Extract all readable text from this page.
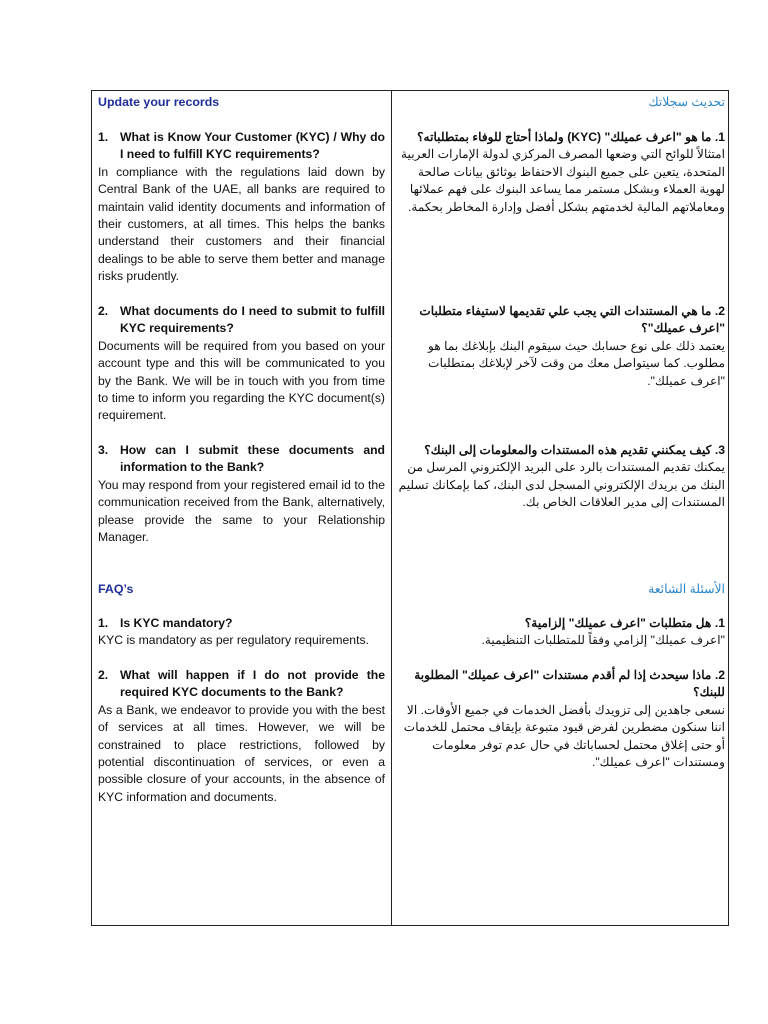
Update your records
1. What is Know Your Customer (KYC) / Why do I need to fulfill KYC requirements?
In compliance with the regulations laid down by Central Bank of the UAE, all banks are required to maintain valid identity documents and information of their customers, at all times. This helps the banks understand their customers and their financial dealings to be able to serve them better and manage risks prudently.
2. What documents do I need to submit to fulfill KYC requirements?
Documents will be required from you based on your account type and this will be communicated to you by the Bank. We will be in touch with you from time to time to inform you regarding the KYC document(s) requirement.
3. How can I submit these documents and information to the Bank?
You may respond from your registered email id to the communication received from the Bank, alternatively, please provide the same to your Relationship Manager.
FAQ’s
1. Is KYC mandatory?
KYC is mandatory as per regulatory requirements.
2. What will happen if I do not provide the required KYC documents to the Bank?
As a Bank, we endeavor to provide you with the best of services at all times. However, we will be constrained to place restrictions, followed by potential discontinuation of services, or even a possible closure of your accounts, in the absence of KYC information and documents.
تحديث سجلاتك
1. ما هو "اعرف عميلك" (KYC) ولماذا أحتاج للوفاء بمتطلباته؟
امتثالاً للوائح التي وضعها المصرف المركزي لدولة الإمارات العربية المتحدة، يتعين على جميع البنوك الاحتفاظ بوثائق بيانات صالحة لهوية العملاء وبشكل مستمر مما يساعد البنوك على فهم عملائها ومعاملاتهم المالية لخدمتهم بشكل أفضل وإدارة المخاطر بحكمة.
2. ما هي المستندات التي يجب علي تقديمها لاستيفاء متطلبات "اعرف عميلك"؟
يعتمد ذلك على نوع حسابك حيث سيقوم البنك بإبلاغك بما هو مطلوب. كما سيتواصل معك من وقت لآخر لإبلاغك بمتطلبات "اعرف عميلك".
3. كيف يمكنني تقديم هذه المستندات والمعلومات إلى البنك؟
يمكنك تقديم المستندات بالرد على البريد الإلكتروني المرسل من البنك من بريدك الإلكتروني المسجل لدى البنك، كما بإمكانك تسليم المستندات إلى مدير العلاقات الخاص بك.
الأسئلة الشائعة
1. هل متطلبات "اعرف عميلك" إلزامية؟
"اعرف عميلك" إلزامي وفقاً للمتطلبات التنظيمية.
2. ماذا سيحدث إذا لم أقدم مستندات "اعرف عميلك" المطلوبة للبنك؟
نسعى جاهدين إلى تزويدك بأفضل الخدمات في جميع الأوقات. الا اننا سنكون مضطرين لفرض قيود متبوعة بإيقاف محتمل للخدمات أو حتى إغلاق محتمل لحساباتك في حال عدم توفر معلومات ومستندات "اعرف عميلك".
